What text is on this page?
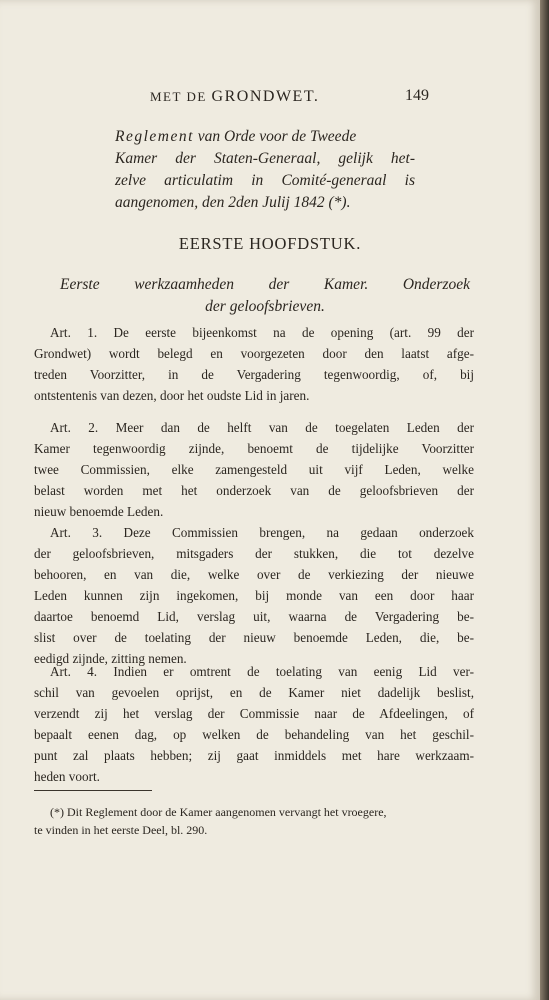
MET DE GRONDWET.	149
Reglement van Orde voor de Tweede
Kamer der Staten-Generaal, gelijk het-
zelve articulatim in Comité-generaal is
aangenomen, den 2den Julij 1842 (*).
EERSTE HOOFDSTUK.
Eerste werkzaamheden der Kamer. Onderzoek
der geloofsbrieven.
Art. 1. De eerste bijeenkomst na de opening (art. 99 der
Grondwet) wordt belegd en voorgezeten door den laatst afge-
treden Voorzitter, in de Vergadering tegenwoordig, of, bij
ontstentenis van dezen, door het oudste Lid in jaren.
Art. 2. Meer dan de helft van de toegelaten Leden der
Kamer tegenwoordig zijnde, benoemt de tijdelijke Voorzitter
twee Commissien, elke zamengesteld uit vijf Leden, welke
belast worden met het onderzoek van de geloofsbrieven der
nieuw benoemde Leden.
Art. 3. Deze Commissien brengen, na gedaan onderzoek
der geloofsbrieven, mitsgaders der stukken, die tot dezelve
behooren, en van die, welke over de verkiezing der nieuwe
Leden kunnen zijn ingekomen, bij monde van een door haar
daartoe benoemd Lid, verslag uit, waarna de Vergadering be-
slist over de toelating der nieuw benoemde Leden, die, be-
eedigd zijnde, zitting nemen.
Art. 4. Indien er omtrent de toelating van eenig Lid ver-
schil van gevoelen oprijst, en de Kamer niet dadelijk beslist,
verzendt zij het verslag der Commissie naar de Afdeelingen, of
bepaalt eenen dag, op welken de behandeling van het geschil-
punt zal plaats hebben; zij gaat inmiddels met hare werkzaam-
heden voort.
(*) Dit Reglement door de Kamer aangenomen vervangt het vroegere,
te vinden in het eerste Deel, bl. 290.
